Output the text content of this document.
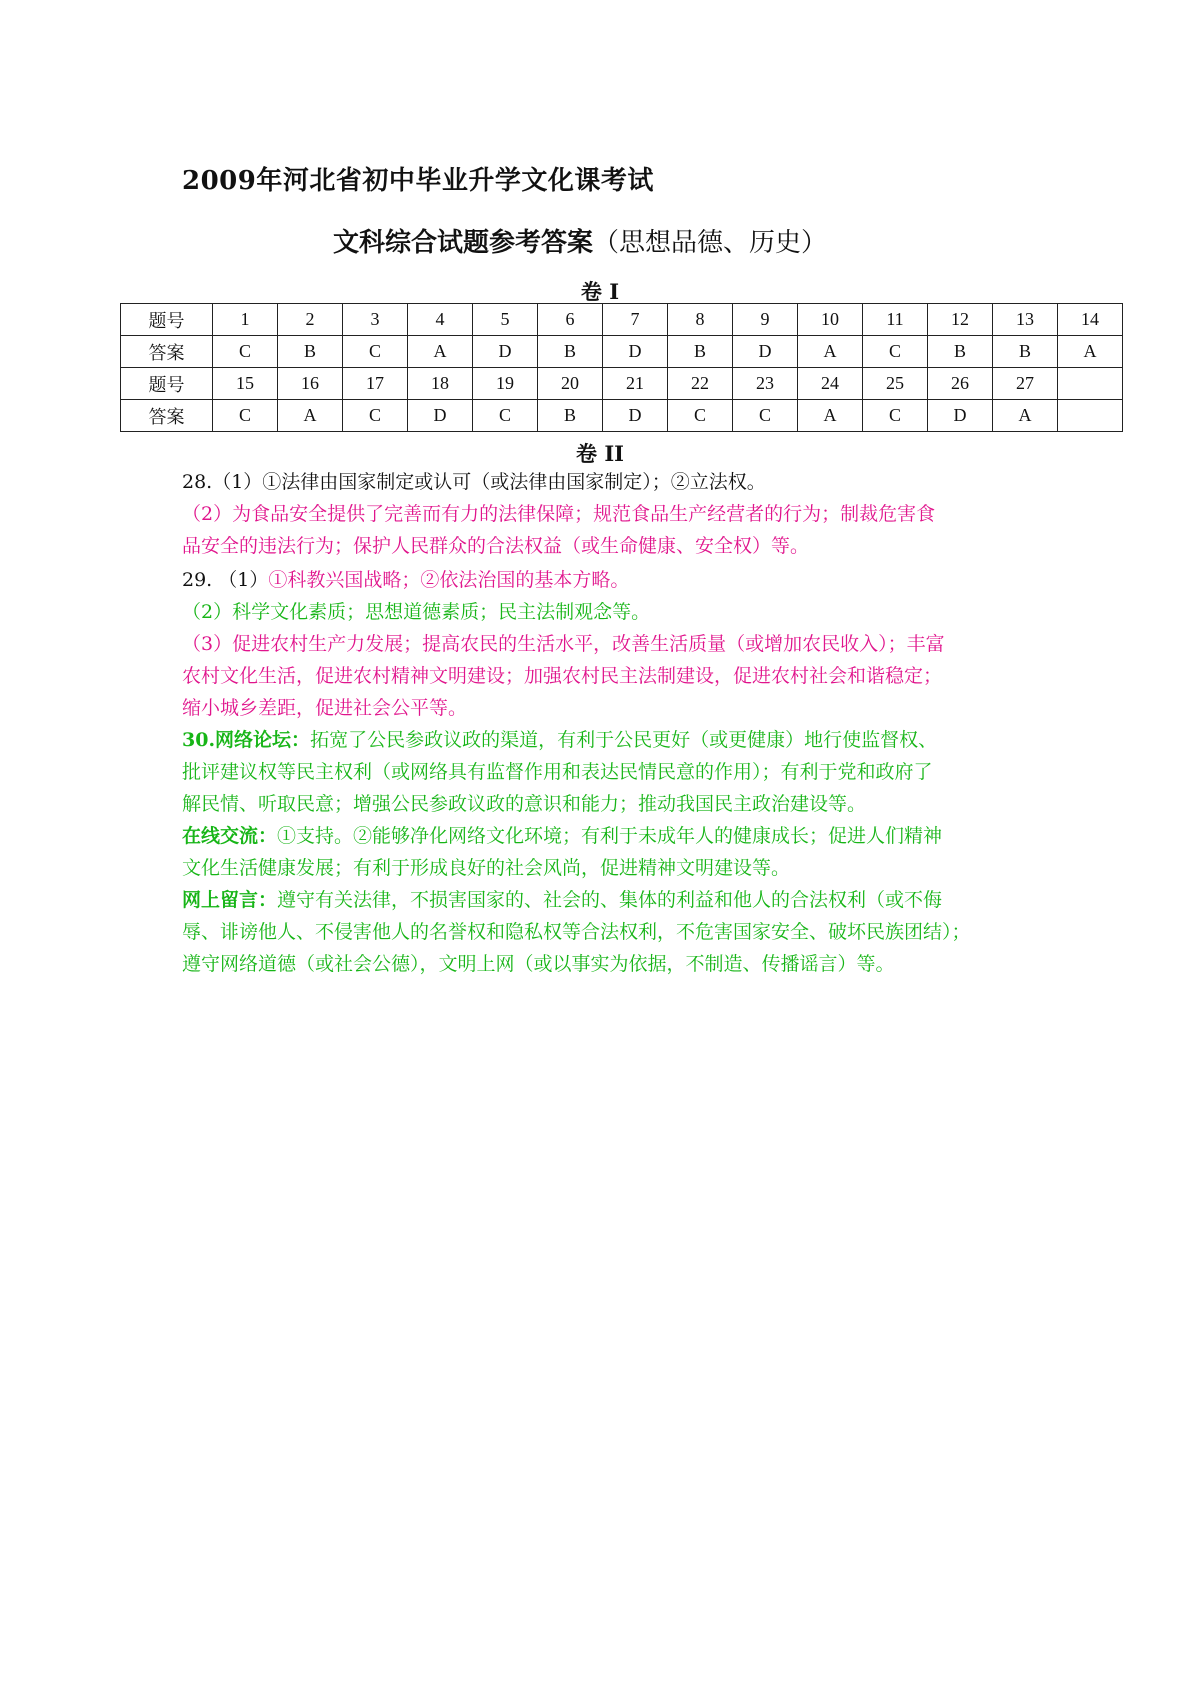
2009年河北省初中毕业升学文化课考试
文科综合试题参考答案（思想品德、历史）
卷 I
题号	1	2	3	4	5	6	7	8	9	10	11	12	13	14
答案	C	B	C	A	D	B	D	B	D	A	C	B	B	A
题号	15	16	17	18	19	20	21	22	23	24	25	26	27	
答案	C	A	C	D	C	B	D	C	C	A	C	D	A	
卷 II
28.（1）①法律由国家制定或认可（或法律由国家制定）；②立法权。
（2）为食品安全提供了完善而有力的法律保障；规范食品生产经营者的行为；制裁危害食
品安全的违法行为；保护人民群众的合法权益（或生命健康、安全权）等。
29. （1）①科教兴国战略；②依法治国的基本方略。
（2）科学文化素质；思想道德素质；民主法制观念等。
（3）促进农村生产力发展；提高农民的生活水平，改善生活质量（或增加农民收入）；丰富
农村文化生活，促进农村精神文明建设；加强农村民主法制建设，促进农村社会和谐稳定；
缩小城乡差距，促进社会公平等。
30.网络论坛：拓宽了公民参政议政的渠道，有利于公民更好（或更健康）地行使监督权、
批评建议权等民主权利（或网络具有监督作用和表达民情民意的作用）；有利于党和政府了
解民情、听取民意；增强公民参政议政的意识和能力；推动我国民主政治建设等。
在线交流：①支持。②能够净化网络文化环境；有利于未成年人的健康成长；促进人们精神
文化生活健康发展；有利于形成良好的社会风尚，促进精神文明建设等。
网上留言：遵守有关法律，不损害国家的、社会的、集体的利益和他人的合法权利（或不侮
辱、诽谤他人、不侵害他人的名誉权和隐私权等合法权利，不危害国家安全、破坏民族团结）；
遵守网络道德（或社会公德），文明上网（或以事实为依据，不制造、传播谣言）等。
